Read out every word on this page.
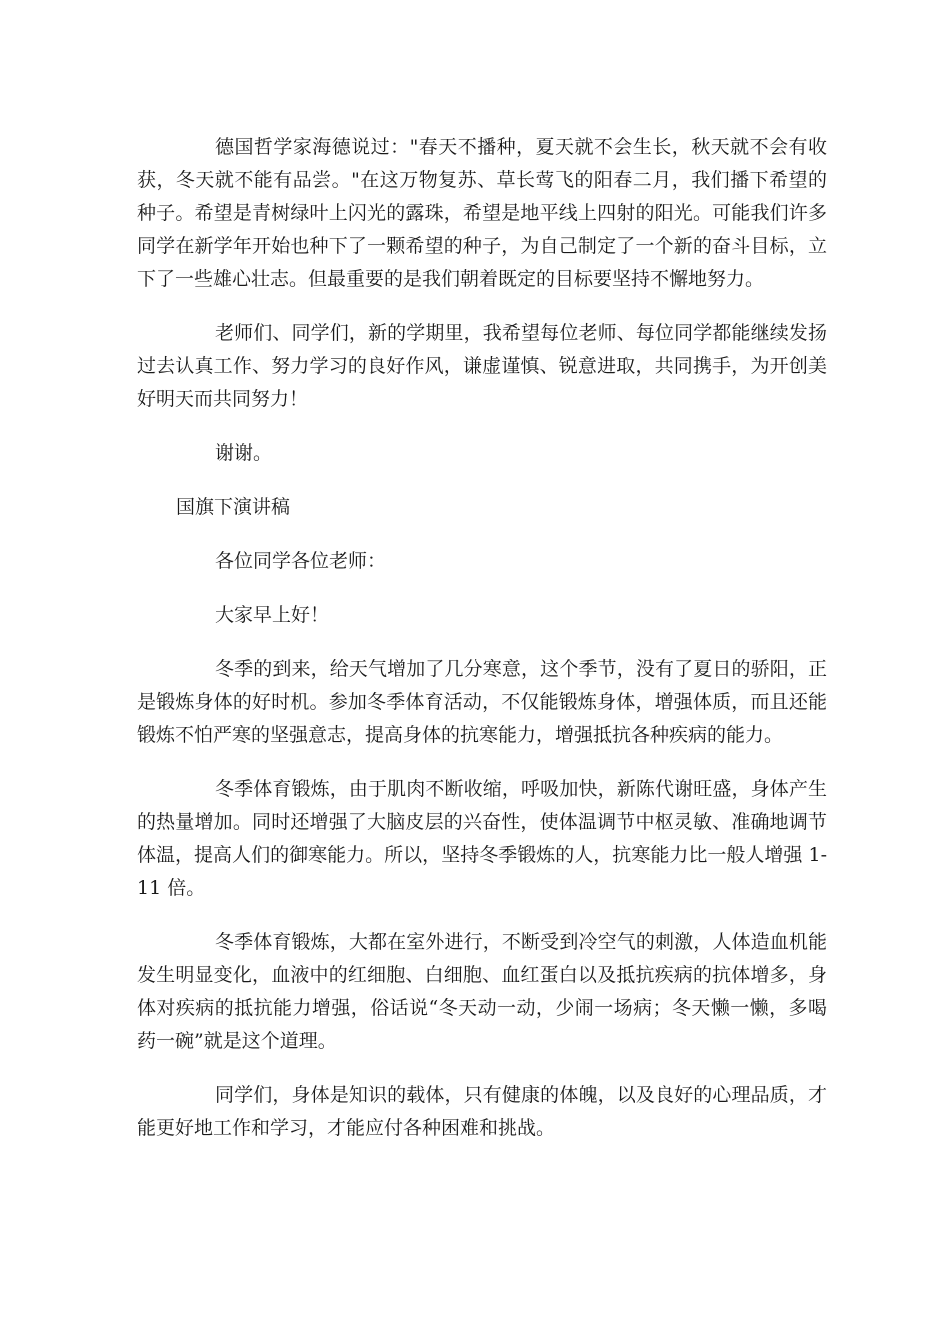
德国哲学家海德说过："春天不播种，夏天就不会生长，秋天就不会有收获，冬天就不能有品尝。"在这万物复苏、草长莺飞的阳春二月，我们播下希望的种子。希望是青树绿叶上闪光的露珠，希望是地平线上四射的阳光。可能我们许多同学在新学年开始也种下了一颗希望的种子，为自己制定了一个新的奋斗目标，立下了一些雄心壮志。但最重要的是我们朝着既定的目标要坚持不懈地努力。

老师们、同学们，新的学期里，我希望每位老师、每位同学都能继续发扬过去认真工作、努力学习的良好作风，谦虚谨慎、锐意进取，共同携手，为开创美好明天而共同努力！

谢谢。

国旗下演讲稿

各位同学各位老师：

大家早上好！

冬季的到来，给天气增加了几分寒意，这个季节，没有了夏日的骄阳，正是锻炼身体的好时机。参加冬季体育活动，不仅能锻炼身体，增强体质，而且还能锻炼不怕严寒的坚强意志，提高身体的抗寒能力，增强抵抗各种疾病的能力。

冬季体育锻炼，由于肌肉不断收缩，呼吸加快，新陈代谢旺盛，身体产生的热量增加。同时还增强了大脑皮层的兴奋性，使体温调节中枢灵敏、准确地调节体温，提高人们的御寒能力。所以，坚持冬季锻炼的人，抗寒能力比一般人增强 1-11 倍。

冬季体育锻炼，大都在室外进行，不断受到冷空气的刺激，人体造血机能发生明显变化，血液中的红细胞、白细胞、血红蛋白以及抵抗疾病的抗体增多，身体对疾病的抵抗能力增强，俗话说“冬天动一动，少闹一场病；冬天懒一懒，多喝药一碗”就是这个道理。

同学们，身体是知识的载体，只有健康的体魄，以及良好的心理品质，才能更好地工作和学习，才能应付各种困难和挑战。
